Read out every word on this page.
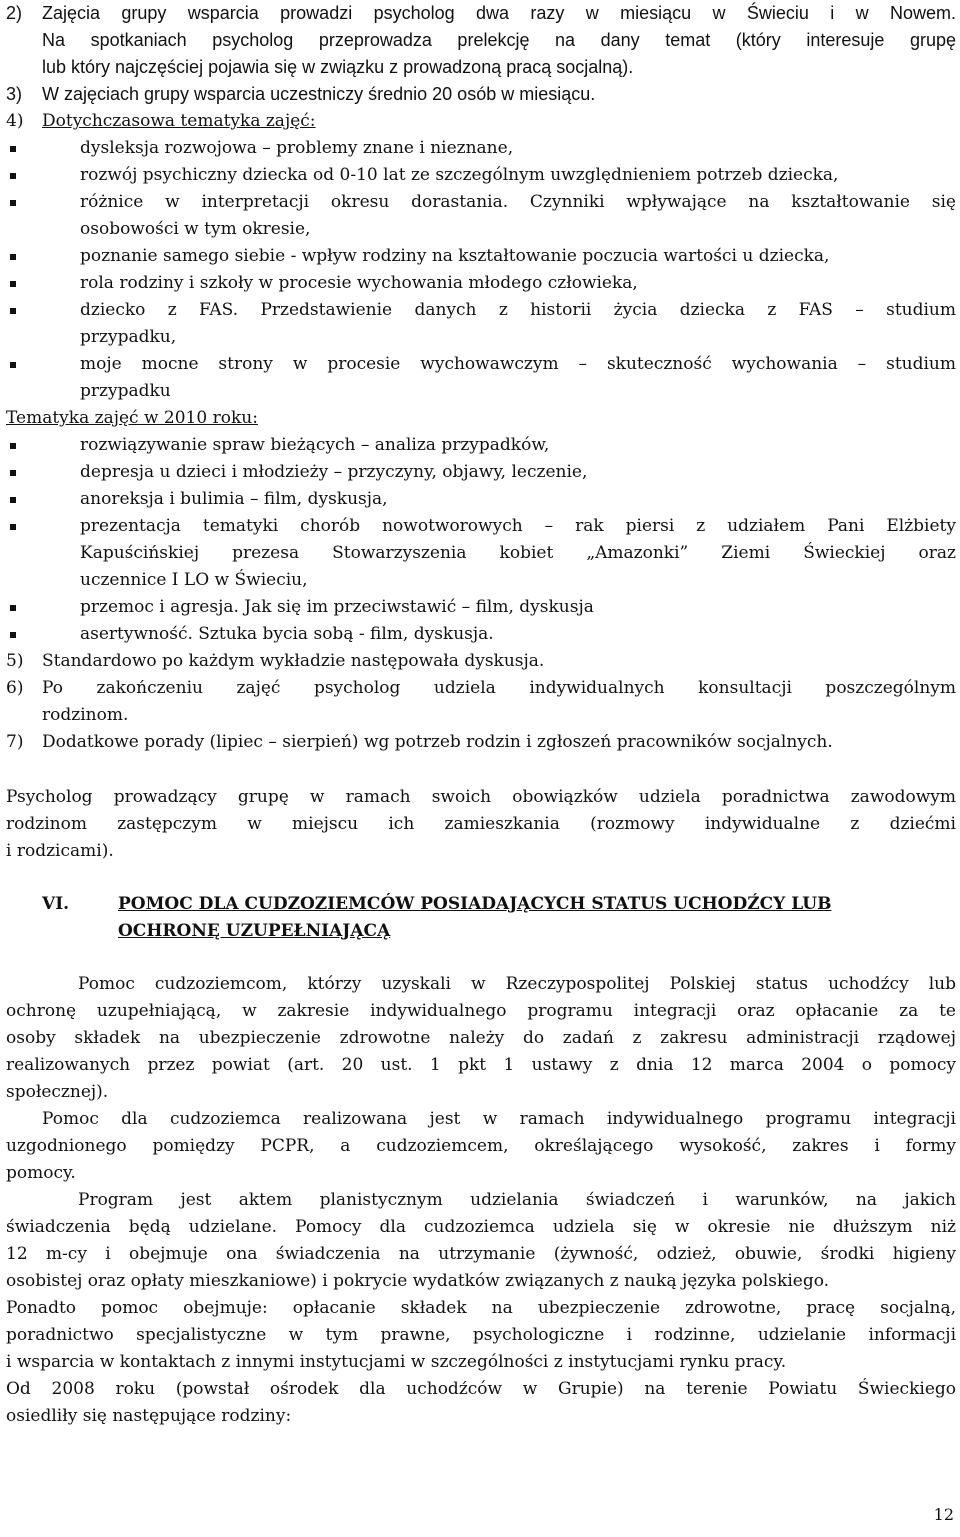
2)	Zajęcia grupy wsparcia prowadzi psycholog dwa razy w miesiącu w Świeciu i w Nowem.
Na spotkaniach psycholog przeprowadza prelekcję na dany temat (który interesuje grupę
lub który najczęściej pojawia się w związku z prowadzoną pracą socjalną).
3)	W zajęciach grupy wsparcia uczestniczy średnio 20 osób w miesiącu.
4)	Dotychczasowa tematyka zajęć:
dysleksja rozwojowa – problemy znane i nieznane,
rozwój psychiczny dziecka od 0-10 lat ze szczególnym uwzględnieniem potrzeb dziecka,
różnice w interpretacji okresu dorastania. Czynniki wpływające na kształtowanie się
osobowości w tym okresie,
poznanie samego siebie - wpływ rodziny na kształtowanie poczucia wartości u dziecka,
rola rodziny i szkoły w procesie wychowania młodego człowieka,
dziecko z FAS. Przedstawienie danych z historii życia dziecka z FAS – studium
przypadku,
moje mocne strony w procesie wychowawczym – skuteczność wychowania – studium
przypadku
Tematyka zajęć w 2010 roku:
rozwiązywanie spraw bieżących – analiza przypadków,
depresja u dzieci i młodzieży – przyczyny, objawy, leczenie,
anoreksja i bulimia – film, dyskusja,
prezentacja tematyki chorób nowotworowych – rak piersi z udziałem Pani Elżbiety
Kapuścińskiej prezesa Stowarzyszenia kobiet „Amazonki” Ziemi Świeckiej oraz
uczennice I LO w Świeciu,
przemoc i agresja. Jak się im przeciwstawić – film, dyskusja
asertywność. Sztuka bycia sobą - film, dyskusja.
5)	Standardowo po każdym wykładzie następowała dyskusja.
6)	Po zakończeniu zajęć psycholog udziela indywidualnych konsultacji poszczególnym
rodzinom.
7)	Dodatkowe porady (lipiec – sierpień) wg potrzeb rodzin i zgłoszeń pracowników socjalnych.
Psycholog prowadzący grupę w ramach swoich obowiązków udziela poradnictwa zawodowym
rodzinom zastępczym w miejscu ich zamieszkania (rozmowy indywidualne z dziećmi
i rodzicami).
VI.	POMOC DLA CUDZOZIEMCÓW POSIADAJĄCYCH STATUS UCHODŹCY LUB
OCHRONĘ UZUPEŁNIAJĄCĄ
Pomoc cudzoziemcom, którzy uzyskali w Rzeczypospolitej Polskiej status uchodźcy lub
ochronę uzupełniającą, w zakresie indywidualnego programu integracji oraz opłacanie za te
osoby składek na ubezpieczenie zdrowotne należy do zadań z zakresu administracji rządowej
realizowanych przez powiat (art. 20 ust. 1 pkt 1 ustawy z dnia 12 marca 2004 o pomocy
społecznej).
Pomoc dla cudzoziemca realizowana jest w ramach indywidualnego programu integracji
uzgodnionego pomiędzy PCPR, a cudzoziemcem, określającego wysokość, zakres i formy
pomocy.
Program jest aktem planistycznym udzielania świadczeń i warunków, na jakich
świadczenia będą udzielane. Pomocy dla cudzoziemca udziela się w okresie nie dłuższym niż
12 m-cy i obejmuje ona świadczenia na utrzymanie (żywność, odzież, obuwie, środki higieny
osobistej oraz opłaty mieszkaniowe) i pokrycie wydatków związanych z nauką języka polskiego.
Ponadto pomoc obejmuje: opłacanie składek na ubezpieczenie zdrowotne, pracę socjalną,
poradnictwo specjalistyczne w tym prawne, psychologiczne i rodzinne, udzielanie informacji
i wsparcia w kontaktach z innymi instytucjami w szczególności z instytucjami rynku pracy.
Od 2008 roku (powstał ośrodek dla uchodźców w Grupie) na terenie Powiatu Świeckiego
osiedliły się następujące rodziny:
12
